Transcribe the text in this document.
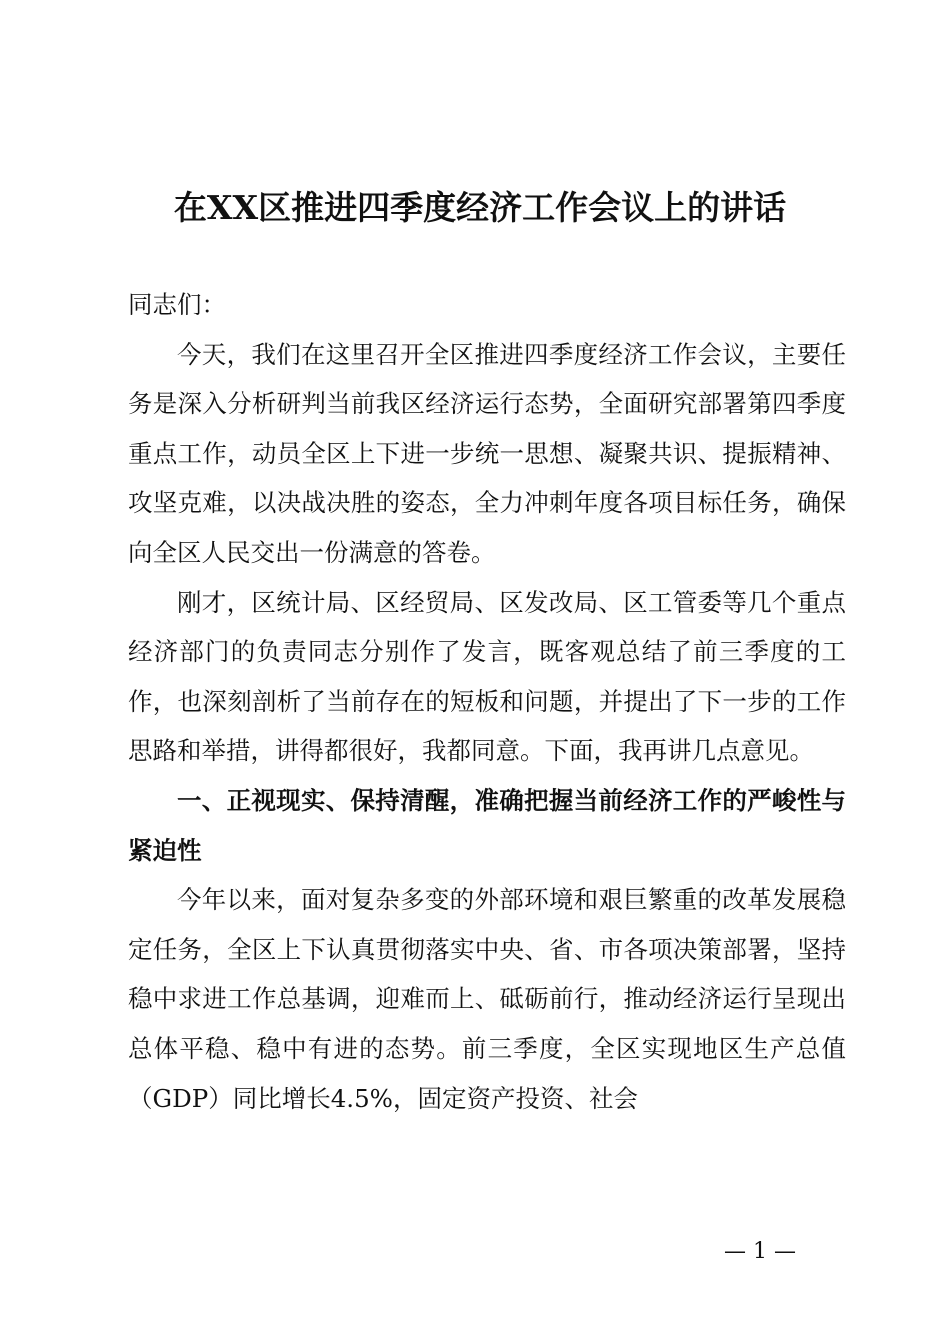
在XX区推进四季度经济工作会议上的讲话

同志们：

今天，我们在这里召开全区推进四季度经济工作会议，主要任务是深入分析研判当前我区经济运行态势，全面研究部署第四季度重点工作，动员全区上下进一步统一思想、凝聚共识、提振精神、攻坚克难，以决战决胜的姿态，全力冲刺年度各项目标任务，确保向全区人民交出一份满意的答卷。

刚才，区统计局、区经贸局、区发改局、区工管委等几个重点经济部门的负责同志分别作了发言，既客观总结了前三季度的工作，也深刻剖析了当前存在的短板和问题，并提出了下一步的工作思路和举措，讲得都很好，我都同意。下面，我再讲几点意见。

一、正视现实、保持清醒，准确把握当前经济工作的严峻性与紧迫性

今年以来，面对复杂多变的外部环境和艰巨繁重的改革发展稳定任务，全区上下认真贯彻落实中央、省、市各项决策部署，坚持稳中求进工作总基调，迎难而上、砥砺前行，推动经济运行呈现出总体平稳、稳中有进的态势。前三季度，全区实现地区生产总值（GDP）同比增长4.5%，固定资产投资、社会

— 1 —
